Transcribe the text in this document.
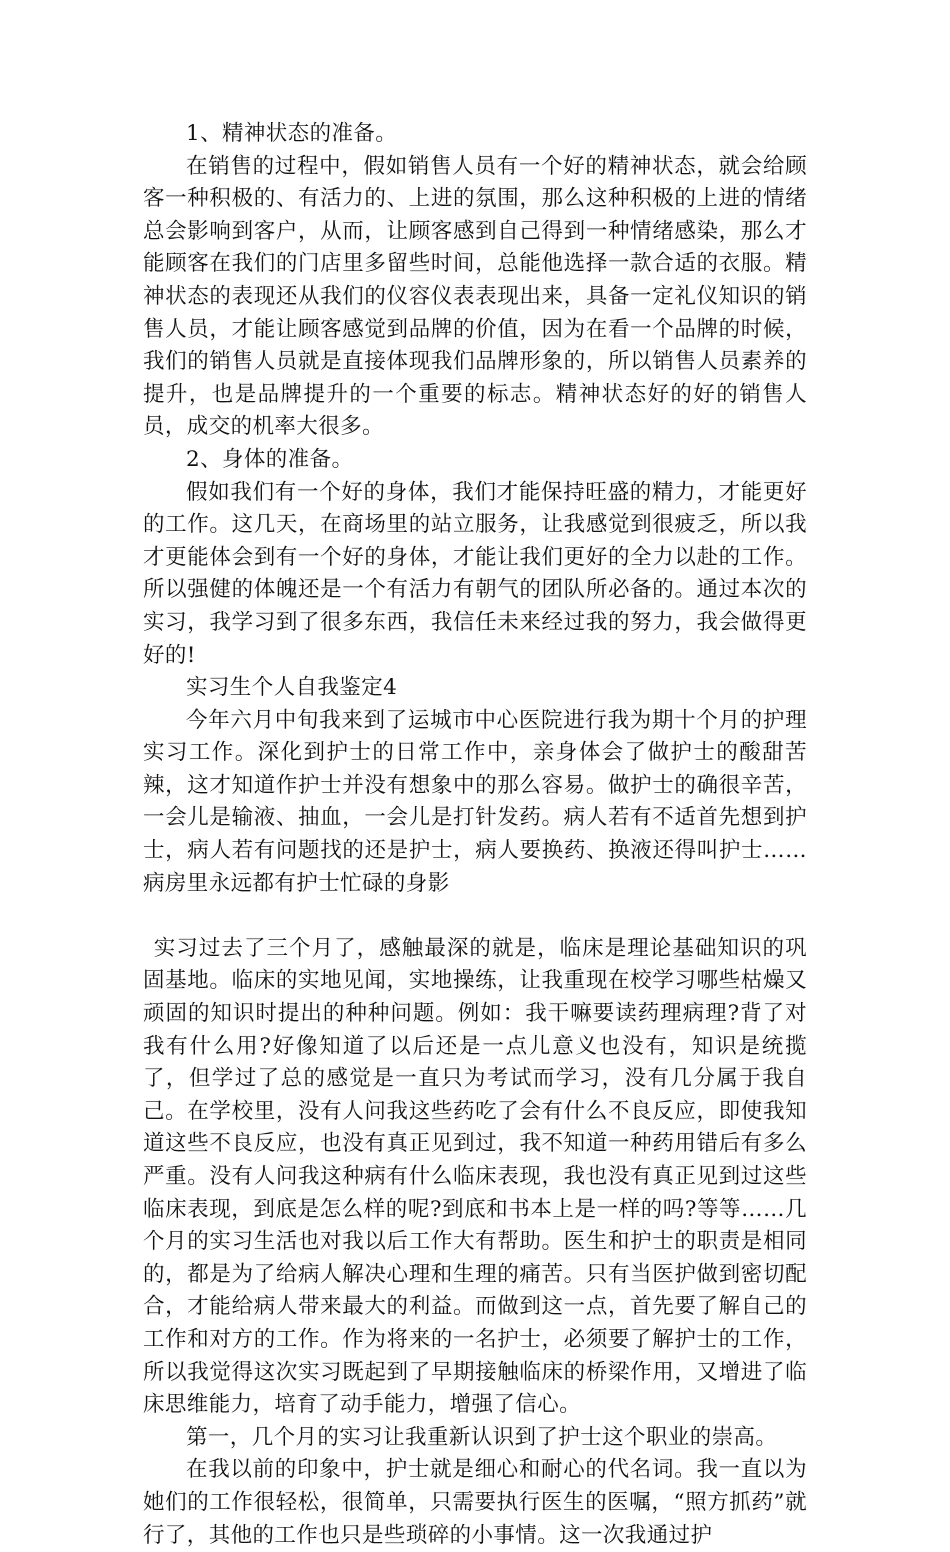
1、精神状态的准备。

在销售的过程中，假如销售人员有一个好的精神状态，就会给顾客一种积极的、有活力的、上进的氛围，那么这种积极的上进的情绪总会影响到客户，从而，让顾客感到自己得到一种情绪感染，那么才能顾客在我们的门店里多留些时间，总能他选择一款合适的衣服。精神状态的表现还从我们的仪容仪表表现出来，具备一定礼仪知识的销售人员，才能让顾客感觉到品牌的价值，因为在看一个品牌的时候，我们的销售人员就是直接体现我们品牌形象的，所以销售人员素养的提升，也是品牌提升的一个重要的标志。精神状态好的好的销售人员，成交的机率大很多。

2、身体的准备。

假如我们有一个好的身体，我们才能保持旺盛的精力，才能更好的工作。这几天，在商场里的站立服务，让我感觉到很疲乏，所以我才更能体会到有一个好的身体，才能让我们更好的全力以赴的工作。所以强健的体魄还是一个有活力有朝气的团队所必备的。通过本次的实习，我学习到了很多东西，我信任未来经过我的努力，我会做得更好的!

实习生个人自我鉴定4

今年六月中旬我来到了运城市中心医院进行我为期十个月的护理实习工作。深化到护士的日常工作中，亲身体会了做护士的酸甜苦辣，这才知道作护士并没有想象中的那么容易。做护士的确很辛苦，一会儿是输液、抽血，一会儿是打针发药。病人若有不适首先想到护士，病人若有问题找的还是护士，病人要换药、换液还得叫护士……病房里永远都有护士忙碌的身影

实习过去了三个月了，感触最深的就是，临床是理论基础知识的巩固基地。临床的实地见闻，实地操练，让我重现在校学习哪些枯燥又顽固的知识时提出的种种问题。例如：我干嘛要读药理病理?背了对我有什么用?好像知道了以后还是一点儿意义也没有，知识是统揽了，但学过了总的感觉是一直只为考试而学习，没有几分属于我自己。在学校里，没有人问我这些药吃了会有什么不良反应，即使我知道这些不良反应，也没有真正见到过，我不知道一种药用错后有多么严重。没有人问我这种病有什么临床表现，我也没有真正见到过这些临床表现，到底是怎么样的呢?到底和书本上是一样的吗?等等……几个月的实习生活也对我以后工作大有帮助。医生和护士的职责是相同的，都是为了给病人解决心理和生理的痛苦。只有当医护做到密切配合，才能给病人带来最大的利益。而做到这一点，首先要了解自己的工作和对方的工作。作为将来的一名护士，必须要了解护士的工作，所以我觉得这次实习既起到了早期接触临床的桥梁作用，又增进了临床思维能力，培育了动手能力，增强了信心。

第一，几个月的实习让我重新认识到了护士这个职业的崇高。

在我以前的印象中，护士就是细心和耐心的代名词。我一直以为她们的工作很轻松，很简单，只需要执行医生的医嘱，“照方抓药”就行了，其他的工作也只是些琐碎的小事情。这一次我通过护
